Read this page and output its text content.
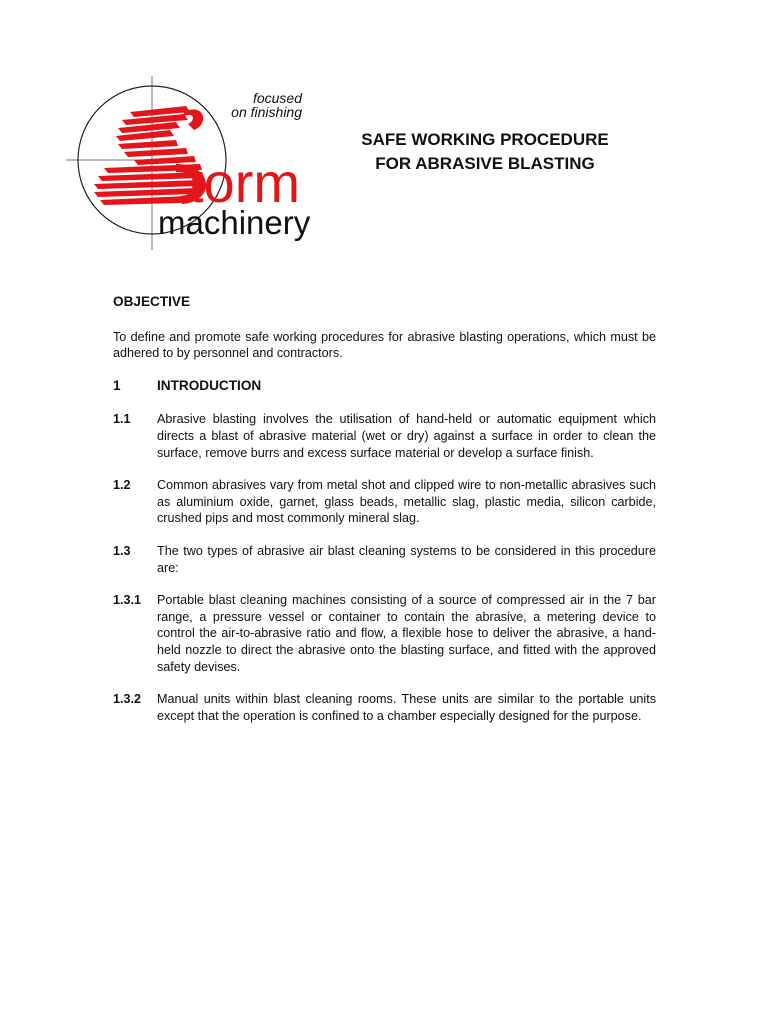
focused
on finishing
torm
machinery
SAFE WORKING PROCEDURE
FOR ABRASIVE BLASTING
OBJECTIVE
To define and promote safe working procedures for abrasive blasting operations, which must be adhered to by personnel and contractors.
1	INTRODUCTION
1.1	Abrasive blasting involves the utilisation of hand-held or automatic equipment which directs a blast of abrasive material (wet or dry) against a surface in order to clean the surface, remove burrs and excess surface material or develop a surface finish.
1.2	Common abrasives vary from metal shot and clipped wire to non-metallic abrasives such as aluminium oxide, garnet, glass beads, metallic slag, plastic media, silicon carbide, crushed pips and most commonly mineral slag.
1.3	The two types of abrasive air blast cleaning systems to be considered in this procedure are:
1.3.1	Portable blast cleaning machines consisting of a source of compressed air in the 7 bar range, a pressure vessel or container to contain the abrasive, a metering device to control the air-to-abrasive ratio and flow, a flexible hose to deliver the abrasive, a hand-held nozzle to direct the abrasive onto the blasting surface, and fitted with the approved safety devises.
1.3.2	Manual units within blast cleaning rooms. These units are similar to the portable units except that the operation is confined to a chamber especially designed for the purpose.
